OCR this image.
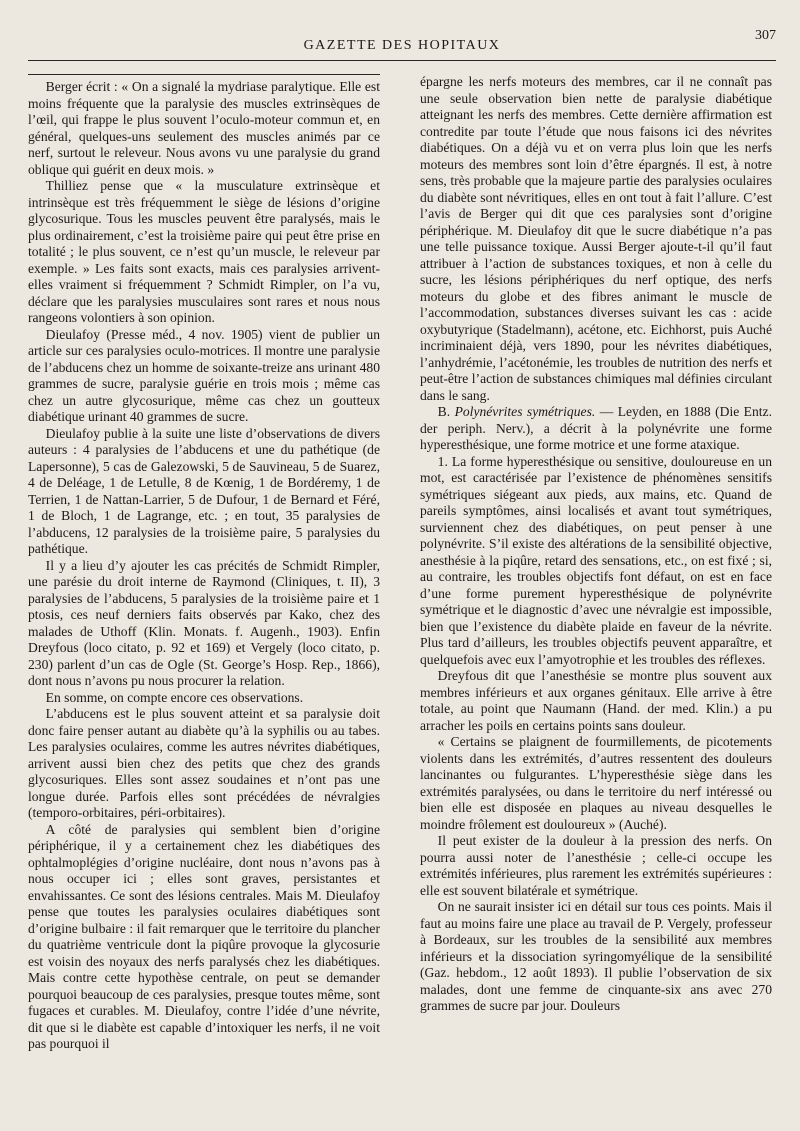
GAZETTE DES HOPITAUX
307

Berger écrit : « On a signalé la mydriase paralytique. Elle est moins fréquente que la paralysie des muscles extrinsèques de l’œil, qui frappe le plus souvent l’oculo-moteur commun et, en général, quelques-uns seulement des muscles animés par ce nerf, surtout le releveur. Nous avons vu une paralysie du grand oblique qui guérit en deux mois. »

Thilliez pense que « la musculature extrinsèque et intrinsèque est très fréquemment le siège de lésions d’origine glycosurique. Tous les muscles peuvent être paralysés, mais le plus ordinairement, c’est la troisième paire qui peut être prise en totalité ; le plus souvent, ce n’est qu’un muscle, le releveur par exemple. » Les faits sont exacts, mais ces paralysies arrivent-elles vraiment si fréquemment ? Schmidt Rimpler, on l’a vu, déclare que les paralysies musculaires sont rares et nous nous rangeons volontiers à son opinion.

Dieulafoy (Presse méd., 4 nov. 1905) vient de publier un article sur ces paralysies oculo-motrices. Il montre une paralysie de l’abducens chez un homme de soixante-treize ans urinant 480 grammes de sucre, paralysie guérie en trois mois ; même cas chez un autre glycosurique, même cas chez un goutteux diabétique urinant 40 grammes de sucre.

Dieulafoy publie à la suite une liste d’observations de divers auteurs : 4 paralysies de l’abducens et une du pathétique (de Lapersonne), 5 cas de Galezowski, 5 de Sauvineau, 5 de Suarez, 4 de Deléage, 1 de Letulle, 8 de Kœnig, 1 de Bordéremy, 1 de Terrien, 1 de Nattan-Larrier, 5 de Dufour, 1 de Bernard et Féré, 1 de Bloch, 1 de Lagrange, etc. ; en tout, 35 paralysies de l’abducens, 12 paralysies de la troisième paire, 5 paralysies du pathétique.

Il y a lieu d’y ajouter les cas précités de Schmidt Rimpler, une parésie du droit interne de Raymond (Cliniques, t. II), 3 paralysies de l’abducens, 5 paralysies de la troisième paire et 1 ptosis, ces neuf derniers faits observés par Kako, chez des malades de Uthoff (Klin. Monats. f. Augenh., 1903). Enfin Dreyfous (loco citato, p. 92 et 169) et Vergely (loco citato, p. 230) parlent d’un cas de Ogle (St. George’s Hosp. Rep., 1866), dont nous n’avons pu nous procurer la relation.

En somme, on compte encore ces observations.

L’abducens est le plus souvent atteint et sa paralysie doit donc faire penser autant au diabète qu’à la syphilis ou au tabes. Les paralysies oculaires, comme les autres névrites diabétiques, arrivent aussi bien chez des petits que chez des grands glycosuriques. Elles sont assez soudaines et n’ont pas une longue durée. Parfois elles sont précédées de névralgies (temporo-orbitaires, péri-orbitaires).

A côté de paralysies qui semblent bien d’origine périphérique, il y a certainement chez les diabétiques des ophtalmoplégies d’origine nucléaire, dont nous n’avons pas à nous occuper ici ; elles sont graves, persistantes et envahissantes. Ce sont des lésions centrales. Mais M. Dieulafoy pense que toutes les paralysies oculaires diabétiques sont d’origine bulbaire : il fait remarquer que le territoire du plancher du quatrième ventricule dont la piqûre provoque la glycosurie est voisin des noyaux des nerfs paralysés chez les diabétiques. Mais contre cette hypothèse centrale, on peut se demander pourquoi beaucoup de ces paralysies, presque toutes même, sont fugaces et curables. M. Dieulafoy, contre l’idée d’une névrite, dit que si le diabète est capable d’intoxiquer les nerfs, il ne voit pas pourquoi il

épargne les nerfs moteurs des membres, car il ne connaît pas une seule observation bien nette de paralysie diabétique atteignant les nerfs des membres. Cette dernière affirmation est contredite par toute l’étude que nous faisons ici des névrites diabétiques. On a déjà vu et on verra plus loin que les nerfs moteurs des membres sont loin d’être épargnés. Il est, à notre sens, très probable que la majeure partie des paralysies oculaires du diabète sont névritiques, elles en ont tout à fait l’allure. C’est l’avis de Berger qui dit que ces paralysies sont d’origine périphérique. M. Dieulafoy dit que le sucre diabétique n’a pas une telle puissance toxique. Aussi Berger ajoute-t-il qu’il faut attribuer à l’action de substances toxiques, et non à celle du sucre, les lésions périphériques du nerf optique, des nerfs moteurs du globe et des fibres animant le muscle de l’accommodation, substances diverses suivant les cas : acide oxybutyrique (Stadelmann), acétone, etc. Eichhorst, puis Auché incriminaient déjà, vers 1890, pour les névrites diabétiques, l’anhydrémie, l’acétonémie, les troubles de nutrition des nerfs et peut-être l’action de substances chimiques mal définies circulant dans le sang.

B. Polynévrites symétriques. — Leyden, en 1888 (Die Entz. der periph. Nerv.), a décrit à la polynévrite une forme hyperesthésique, une forme motrice et une forme ataxique.

1. La forme hyperesthésique ou sensitive, douloureuse en un mot, est caractérisée par l’existence de phénomènes sensitifs symétriques siégeant aux pieds, aux mains, etc. Quand de pareils symptômes, ainsi localisés et avant tout symétriques, surviennent chez des diabétiques, on peut penser à une polynévrite. S’il existe des altérations de la sensibilité objective, anesthésie à la piqûre, retard des sensations, etc., on est fixé ; si, au contraire, les troubles objectifs font défaut, on est en face d’une forme purement hyperesthésique de polynévrite symétrique et le diagnostic d’avec une névralgie est impossible, bien que l’existence du diabète plaide en faveur de la névrite. Plus tard d’ailleurs, les troubles objectifs peuvent apparaître, et quelquefois avec eux l’amyotrophie et les troubles des réflexes.

Dreyfous dit que l’anesthésie se montre plus souvent aux membres inférieurs et aux organes génitaux. Elle arrive à être totale, au point que Naumann (Hand. der med. Klin.) a pu arracher les poils en certains points sans douleur.

« Certains se plaignent de fourmillements, de picotements violents dans les extrémités, d’autres ressentent des douleurs lancinantes ou fulgurantes. L’hyperesthésie siège dans les extrémités paralysées, ou dans le territoire du nerf intéressé ou bien elle est disposée en plaques au niveau desquelles le moindre frôlement est douloureux » (Auché).

Il peut exister de la douleur à la pression des nerfs. On pourra aussi noter de l’anesthésie ; celle-ci occupe les extrémités inférieures, plus rarement les extrémités supérieures : elle est souvent bilatérale et symétrique.

On ne saurait insister ici en détail sur tous ces points. Mais il faut au moins faire une place au travail de P. Vergely, professeur à Bordeaux, sur les troubles de la sensibilité aux membres inférieurs et la dissociation syringomyélique de la sensibilité (Gaz. hebdom., 12 août 1893). Il publie l’observation de six malades, dont une femme de cinquante-six ans avec 270 grammes de sucre par jour. Douleurs
